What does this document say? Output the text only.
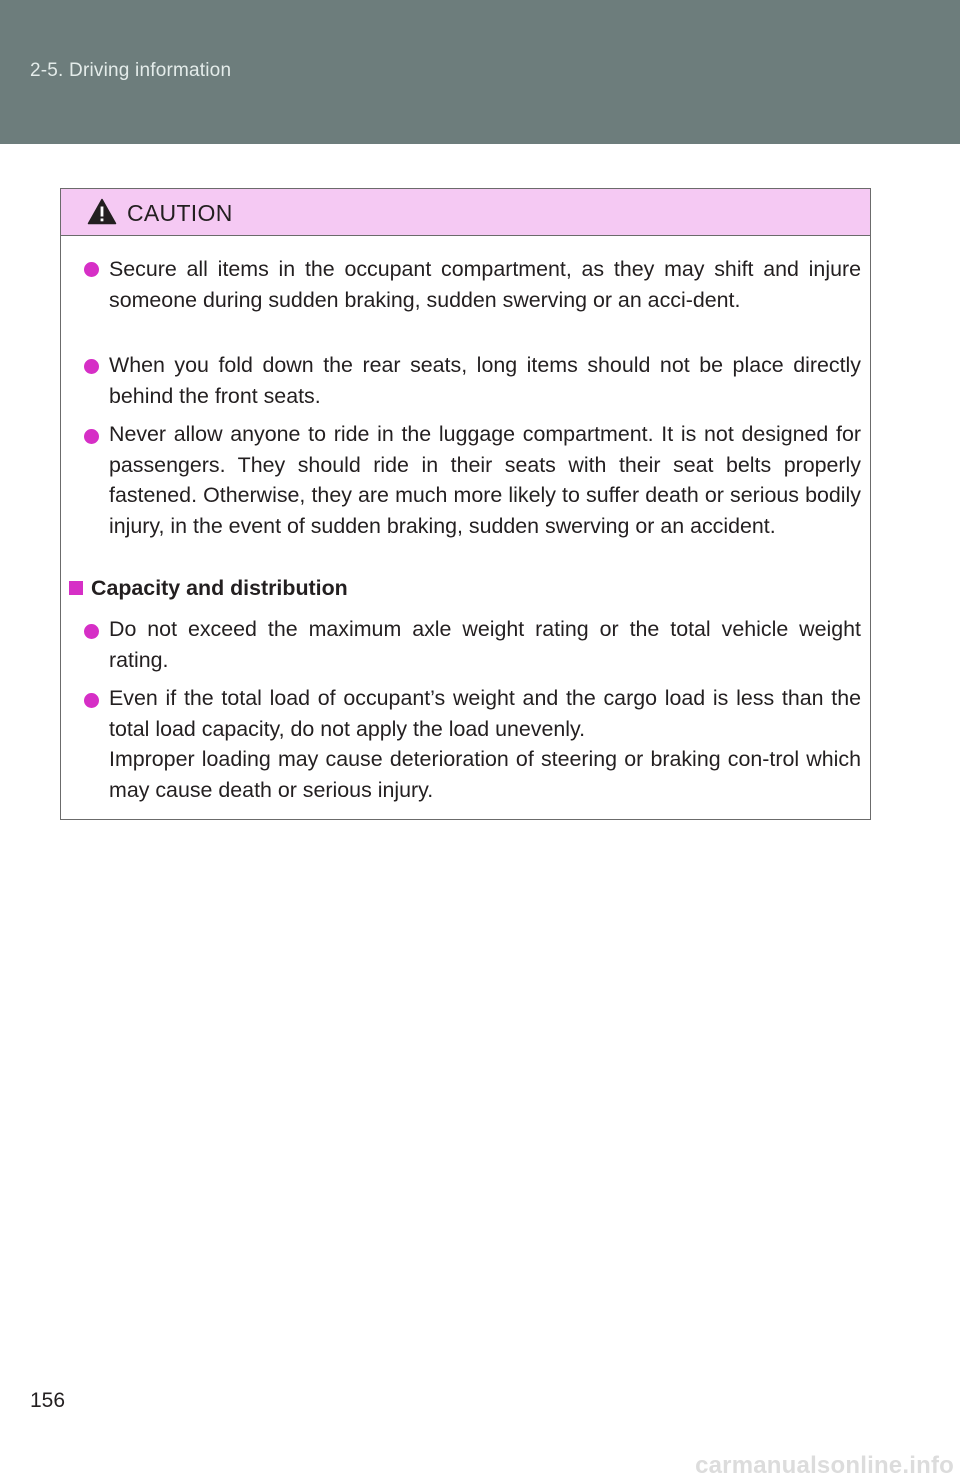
2-5. Driving information
CAUTION
Secure all items in the occupant compartment, as they may shift and injure someone during sudden braking, sudden swerving or an acci-dent.
When you fold down the rear seats, long items should not be place directly behind the front seats.
Never allow anyone to ride in the luggage compartment. It is not designed for passengers. They should ride in their seats with their seat belts properly fastened. Otherwise, they are much more likely to suffer death or serious bodily injury, in the event of sudden braking, sudden swerving or an accident.
Capacity and distribution
Do not exceed the maximum axle weight rating or the total vehicle weight rating.
Even if the total load of occupant’s weight and the cargo load is less than the total load capacity, do not apply the load unevenly.
Improper loading may cause deterioration of steering or braking con-trol which may cause death or serious injury.
156
carmanualsonline.info
